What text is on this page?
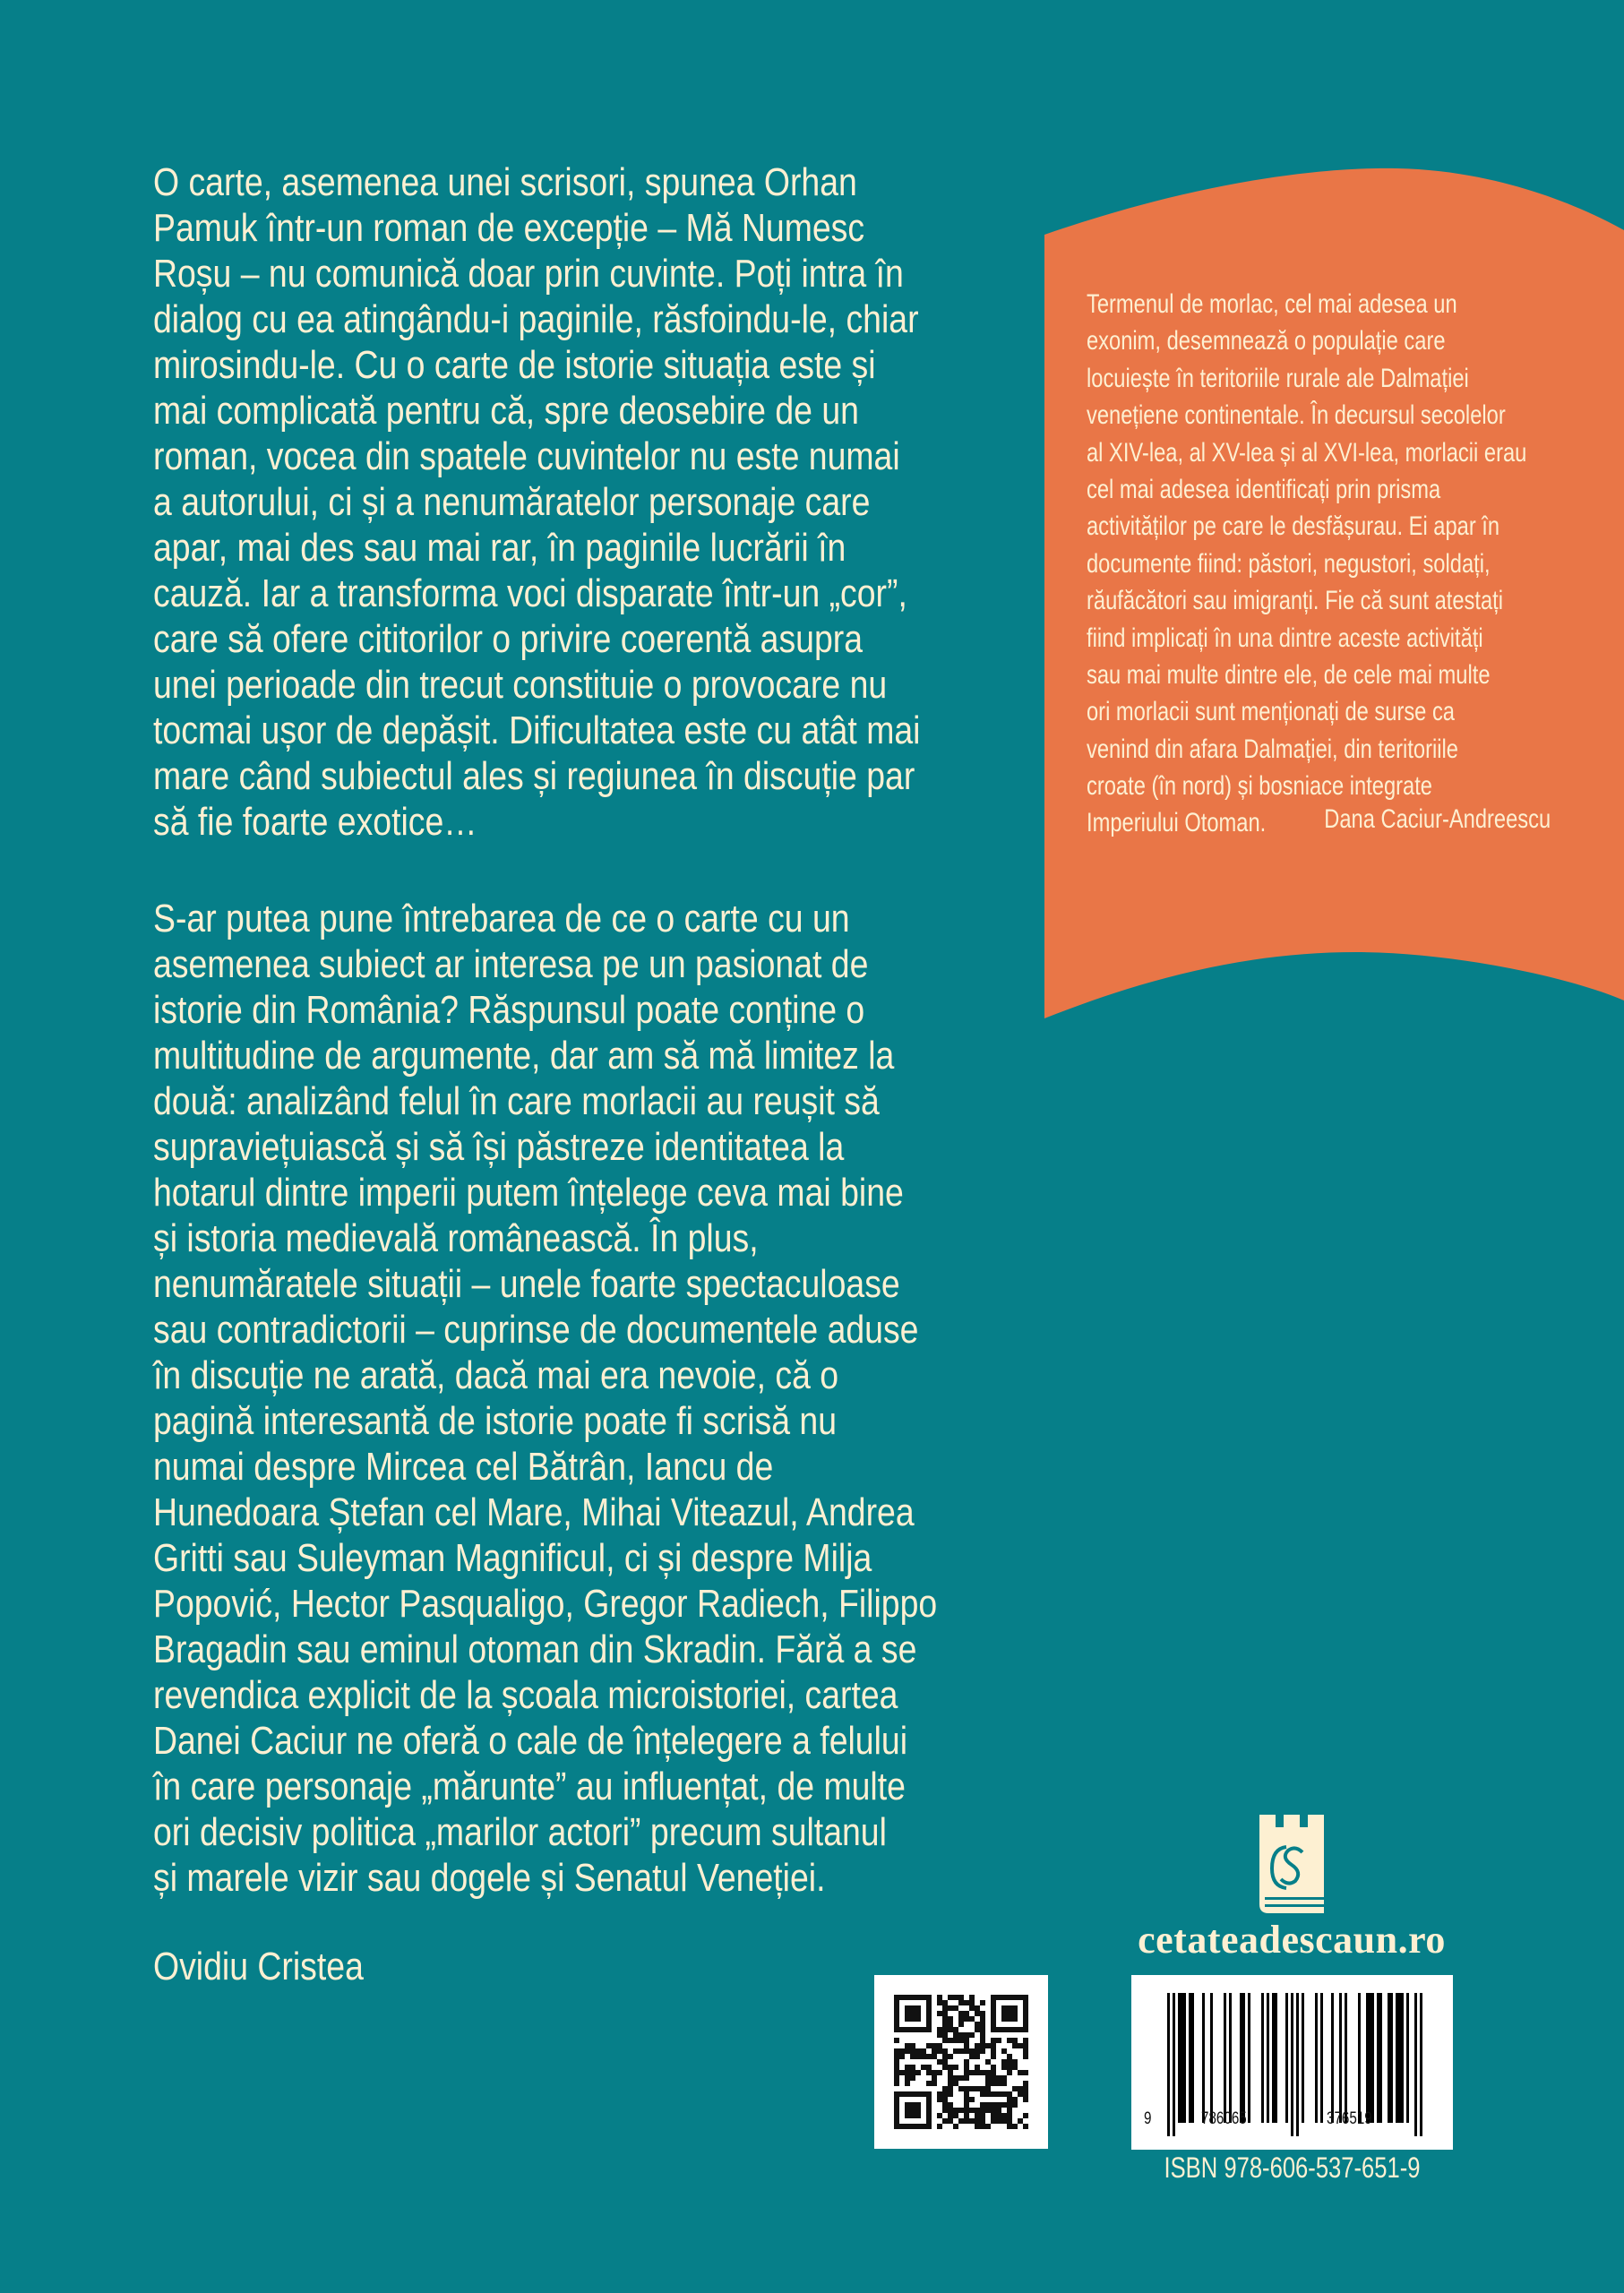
O carte, asemenea unei scrisori, spunea Orhan
Pamuk într-un roman de excepție – Mă Numesc
Roșu – nu comunică doar prin cuvinte. Poți intra în
dialog cu ea atingându-i paginile, răsfoindu-le, chiar
mirosindu-le. Cu o carte de istorie situația este și
mai complicată pentru că, spre deosebire de un
roman, vocea din spatele cuvintelor nu este numai
a autorului, ci și a nenumăratelor personaje care
apar, mai des sau mai rar, în paginile lucrării în
cauză. Iar a transforma voci disparate într-un „cor”,
care să ofere cititorilor o privire coerentă asupra
unei perioade din trecut constituie o provocare nu
tocmai ușor de depășit. Dificultatea este cu atât mai
mare când subiectul ales și regiunea în discuție par
să fie foarte exotice…
S-ar putea pune întrebarea de ce o carte cu un
asemenea subiect ar interesa pe un pasionat de
istorie din România? Răspunsul poate conține o
multitudine de argumente, dar am să mă limitez la
două: analizând felul în care morlacii au reușit să
supraviețuiască și să își păstreze identitatea la
hotarul dintre imperii putem înțelege ceva mai bine
și istoria medievală românească. În plus,
nenumăratele situații – unele foarte spectaculoase
sau contradictorii – cuprinse de documentele aduse
în discuție ne arată, dacă mai era nevoie, că o
pagină interesantă de istorie poate fi scrisă nu
numai despre Mircea cel Bătrân, Iancu de
Hunedoara Ștefan cel Mare, Mihai Viteazul, Andrea
Gritti sau Suleyman Magnificul, ci și despre Milja
Popović, Hector Pasqualigo, Gregor Radiech, Filippo
Bragadin sau eminul otoman din Skradin. Fără a se
revendica explicit de la școala microistoriei, cartea
Danei Caciur ne oferă o cale de înțelegere a felului
în care personaje „mărunte” au influențat, de multe
ori decisiv politica „marilor actori” precum sultanul
și marele vizir sau dogele și Senatul Veneției.
Ovidiu Cristea
Termenul de morlac, cel mai adesea un
exonim, desemnează o populație care
locuiește în teritoriile rurale ale Dalmației
venețiene continentale. În decursul secolelor
al XIV-lea, al XV-lea și al XVI-lea, morlacii erau
cel mai adesea identificați prin prisma
activităților pe care le desfășurau. Ei apar în
documente fiind: păstori, negustori, soldați,
răufăcători sau imigranți. Fie că sunt atestați
fiind implicați în una dintre aceste activități
sau mai multe dintre ele, de cele mai multe
ori morlacii sunt menționați de surse ca
venind din afara Dalmației, din teritoriile
croate (în nord) și bosniace integrate
Imperiului Otoman.	Dana Caciur-Andreescu
cetateadescaun.ro
9	786065	376519
ISBN 978-606-537-651-9
